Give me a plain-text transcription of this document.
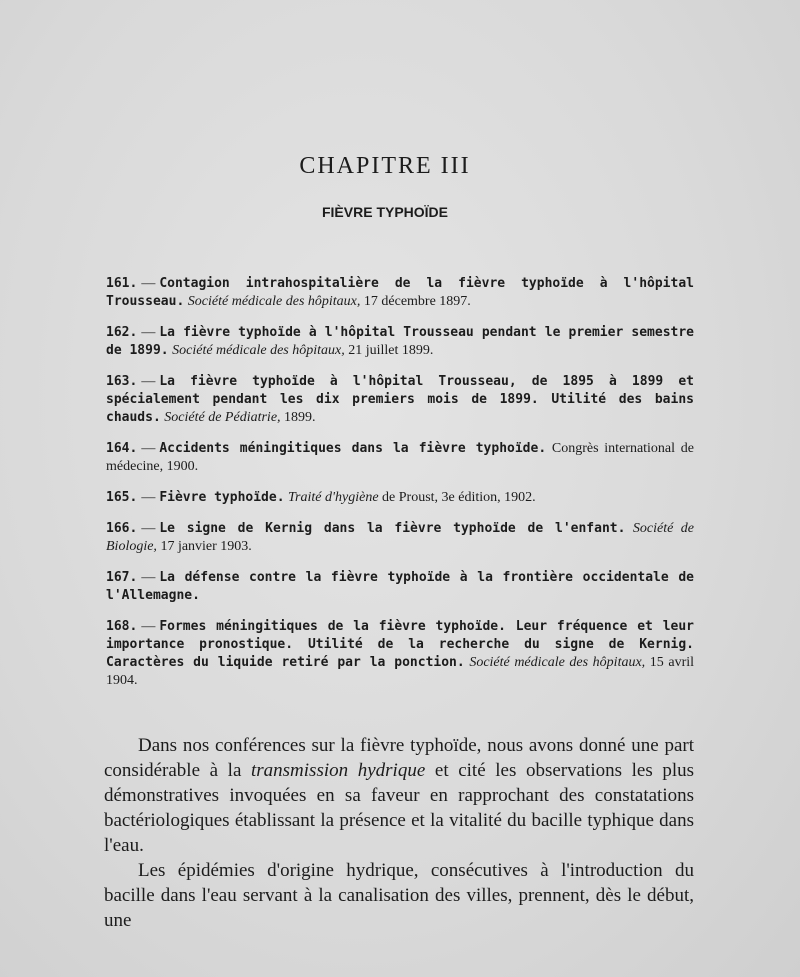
CHAPITRE III
FIÈVRE TYPHOÏDE
161. — Contagion intrahospitalière de la fièvre typhoïde à l'hôpital Trousseau. Société médicale des hôpitaux, 17 décembre 1897.
162. — La fièvre typhoïde à l'hôpital Trousseau pendant le premier semestre de 1899. Société médicale des hôpitaux, 21 juillet 1899.
163. — La fièvre typhoïde à l'hôpital Trousseau, de 1895 à 1899 et spécialement pendant les dix premiers mois de 1899. Utilité des bains chauds. Société de Pédiatrie, 1899.
164. — Accidents méningitiques dans la fièvre typhoïde. Congrès international de médecine, 1900.
165. — Fièvre typhoïde. Traité d'hygiène de Proust, 3e édition, 1902.
166. — Le signe de Kernig dans la fièvre typhoïde de l'enfant. Société de Biologie, 17 janvier 1903.
167. — La défense contre la fièvre typhoïde à la frontière occidentale de l'Allemagne.
168. — Formes méningitiques de la fièvre typhoïde. Leur fréquence et leur importance pronostique. Utilité de la recherche du signe de Kernig. Caractères du liquide retiré par la ponction. Société médicale des hôpitaux, 15 avril 1904.

Dans nos conférences sur la fièvre typhoïde, nous avons donné une part considérable à la transmission hydrique et cité les observations les plus démonstratives invoquées en sa faveur en rapprochant des constatations bactériologiques établissant la présence et la vitalité du bacille typhique dans l'eau.

Les épidémies d'origine hydrique, consécutives à l'introduction du bacille dans l'eau servant à la canalisation des villes, prennent, dès le début, une
